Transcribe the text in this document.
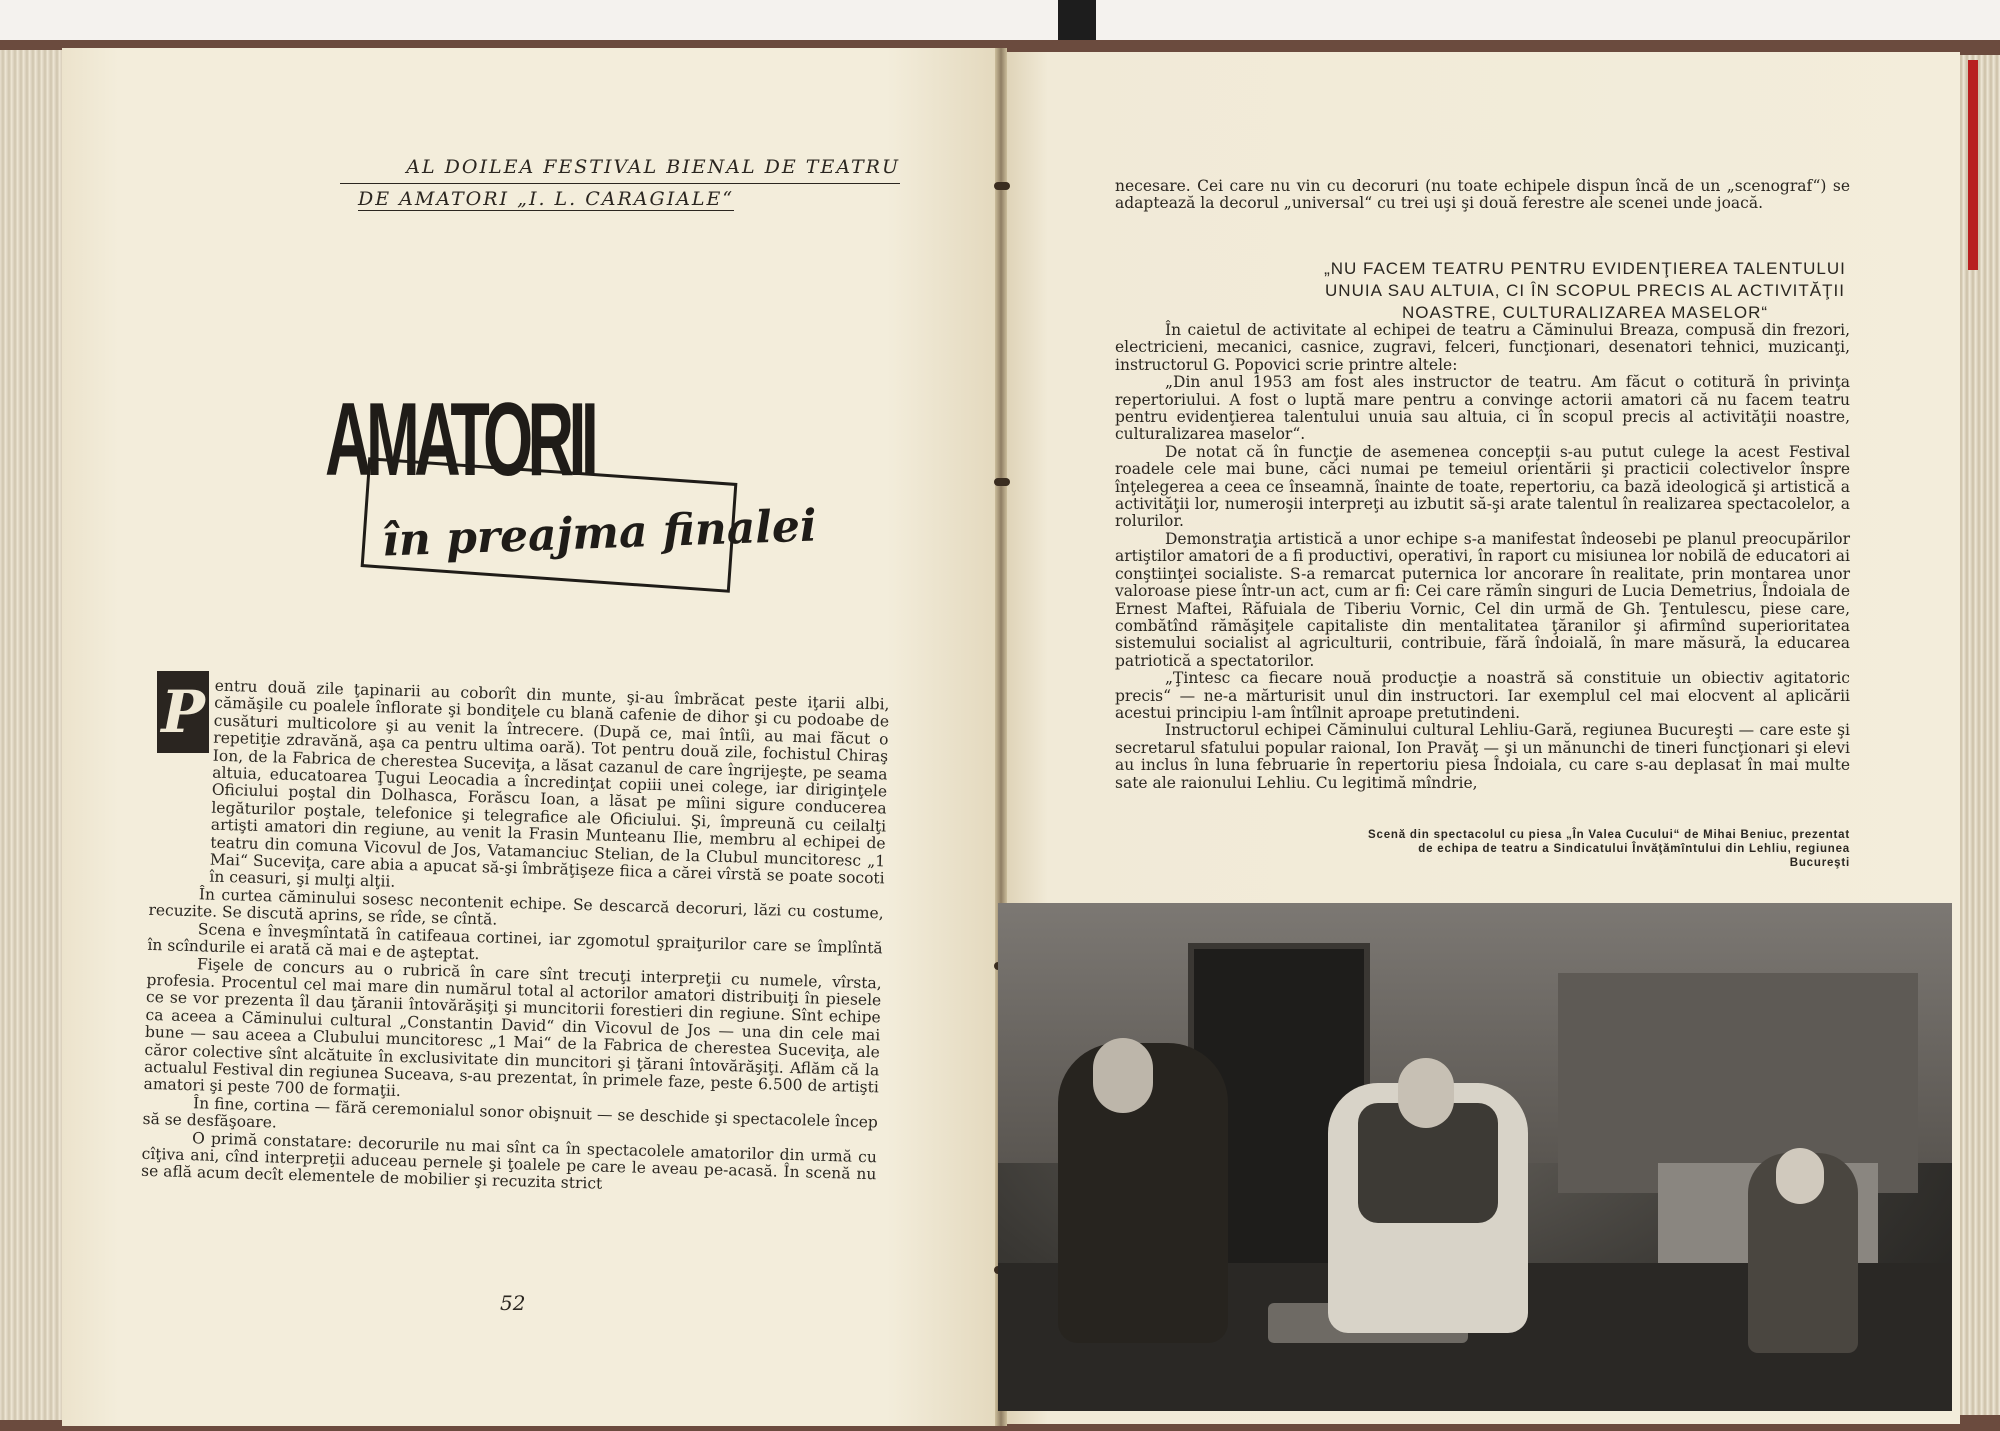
AL DOILEA FESTIVAL BIENAL DE TEATRU
DE AMATORI „I. L. CARAGIALE“
AMATORII
în preajma finalei
P entru două zile ţapinarii au coborît din munte, şi-au îmbrăcat peste iţarii albi, cămăşile cu poalele înflorate şi bondiţele cu blană cafenie de dihor şi cu podoabe de cusături multicolore şi au venit la întrecere. (După ce, mai întîi, au mai făcut o repetiţie zdravănă, aşa ca pentru ultima oară). Tot pentru două zile, fochistul Chiraş Ion, de la Fabrica de cherestea Suceviţa, a lăsat cazanul de care îngrijeşte, pe seama altuia, educatoarea Ţugui Leocadia a încredinţat copiii unei colege, iar diriginţele Oficiului poştal din Dolhasca, Forăscu Ioan, a lăsat pe mîini sigure conducerea legăturilor poştale, telefonice şi telegrafice ale Oficiului. Şi, împreună cu ceilalţi artişti amatori din regiune, au venit la Frasin Munteanu Ilie, membru al echipei de teatru din comuna Vicovul de Jos, Vatamanciuc Stelian, de la Clubul muncitoresc „1 Mai“ Suceviţa, care abia a apucat să-şi îmbrăţişeze fiica a cărei vîrstă se poate socoti în ceasuri, şi mulţi alţii.

În curtea căminului sosesc necontenit echipe. Se descarcă decoruri, lăzi cu costume, recuzite. Se discută aprins, se rîde, se cîntă.

Scena e înveşmîntată în catifeaua cortinei, iar zgomotul şpraiţurilor care se împlîntă în scîndurile ei arată că mai e de aşteptat.

Fişele de concurs au o rubrică în care sînt trecuţi interpreţii cu numele, vîrsta, profesia. Procentul cel mai mare din numărul total al actorilor amatori distribuiţi în piesele ce se vor prezenta îl dau ţăranii întovărăşiţi şi muncitorii forestieri din regiune. Sînt echipe ca aceea a Căminului cultural „Constantin David“ din Vicovul de Jos — una din cele mai bune — sau aceea a Clubului muncitoresc „1 Mai“ de la Fabrica de cherestea Suceviţa, ale căror colective sînt alcătuite în exclusivitate din muncitori şi ţărani întovărăşiţi. Aflăm că la actualul Festival din regiunea Suceava, s-au prezentat, în primele faze, peste 6.500 de artişti amatori şi peste 700 de formaţii.

În fine, cortina — fără ceremonialul sonor obişnuit — se deschide şi spectacolele încep să se desfăşoare.

O primă constatare: decorurile nu mai sînt ca în spectacolele amatorilor din urmă cu cîţiva ani, cînd interpreţii aduceau pernele şi ţoalele pe care le aveau pe-acasă. În scenă nu se află acum decît elementele de mobilier şi recuzita strict

52

necesare. Cei care nu vin cu decoruri (nu toate echipele dispun încă de un „scenograf“) se adaptează la decorul „universal“ cu trei uşi şi două ferestre ale scenei unde joacă.

„NU FACEM TEATRU PENTRU EVIDENŢIEREA TALENTULUI UNUIA SAU ALTUIA, CI ÎN SCOPUL PRECIS AL ACTIVITĂŢII NOASTRE, CULTURALIZAREA MASELOR“

În caietul de activitate al echipei de teatru a Căminului Breaza, compusă din frezori, electricieni, mecanici, casnice, zugravi, felceri, funcţionari, desenatori tehnici, muzicanţi, instructorul G. Popovici scrie printre altele:

„Din anul 1953 am fost ales instructor de teatru. Am făcut o cotitură în privinţa repertoriului. A fost o luptă mare pentru a convinge actorii amatori că nu facem teatru pentru evidenţierea talentului unuia sau altuia, ci în scopul precis al activităţii noastre, culturalizarea maselor“.

De notat că în funcţie de asemenea concepţii s-au putut culege la acest Festival roadele cele mai bune, căci numai pe temeiul orientării şi practicii colectivelor înspre înţelegerea a ceea ce înseamnă, înainte de toate, repertoriu, ca bază ideologică şi artistică a activităţii lor, numeroşii interpreţi au izbutit să-şi arate talentul în realizarea spectacolelor, a rolurilor.

Demonstraţia artistică a unor echipe s-a manifestat îndeosebi pe planul preocupărilor artiştilor amatori de a fi productivi, operativi, în raport cu misiunea lor nobilă de educatori ai conştiinţei socialiste. S-a remarcat puternica lor ancorare în realitate, prin montarea unor valoroase piese într-un act, cum ar fi: Cei care rămîn singuri de Lucia Demetrius, Îndoiala de Ernest Maftei, Răfuiala de Tiberiu Vornic, Cel din urmă de Gh. Ţentulescu, piese care, combătînd rămăşiţele capitaliste din mentalitatea ţăranilor şi afirmînd superioritatea sistemului socialist al agriculturii, contribuie, fără îndoială, în mare măsură, la educarea patriotică a spectatorilor.

„Ţintesc ca fiecare nouă producţie a noastră să constituie un obiectiv agitatoric precis“ — ne-a mărturisit unul din instructori. Iar exemplul cel mai elocvent al aplicării acestui principiu l-am întîlnit aproape pretutindeni.

Instructorul echipei Căminului cultural Lehliu-Gară, regiunea Bucureşti — care este şi secretarul sfatului popular raional, Ion Pravăţ — şi un mănunchi de tineri funcţionari şi elevi au inclus în luna februarie în repertoriu piesa Îndoiala, cu care s-au deplasat în mai multe sate ale raionului Lehliu. Cu legitimă mîndrie,

Scenă din spectacolul cu piesa „În Valea Cucului“ de Mihai Beniuc, prezentat de echipa de teatru a Sindicatului Învăţămîntului din Lehliu, regiunea Bucureşti
